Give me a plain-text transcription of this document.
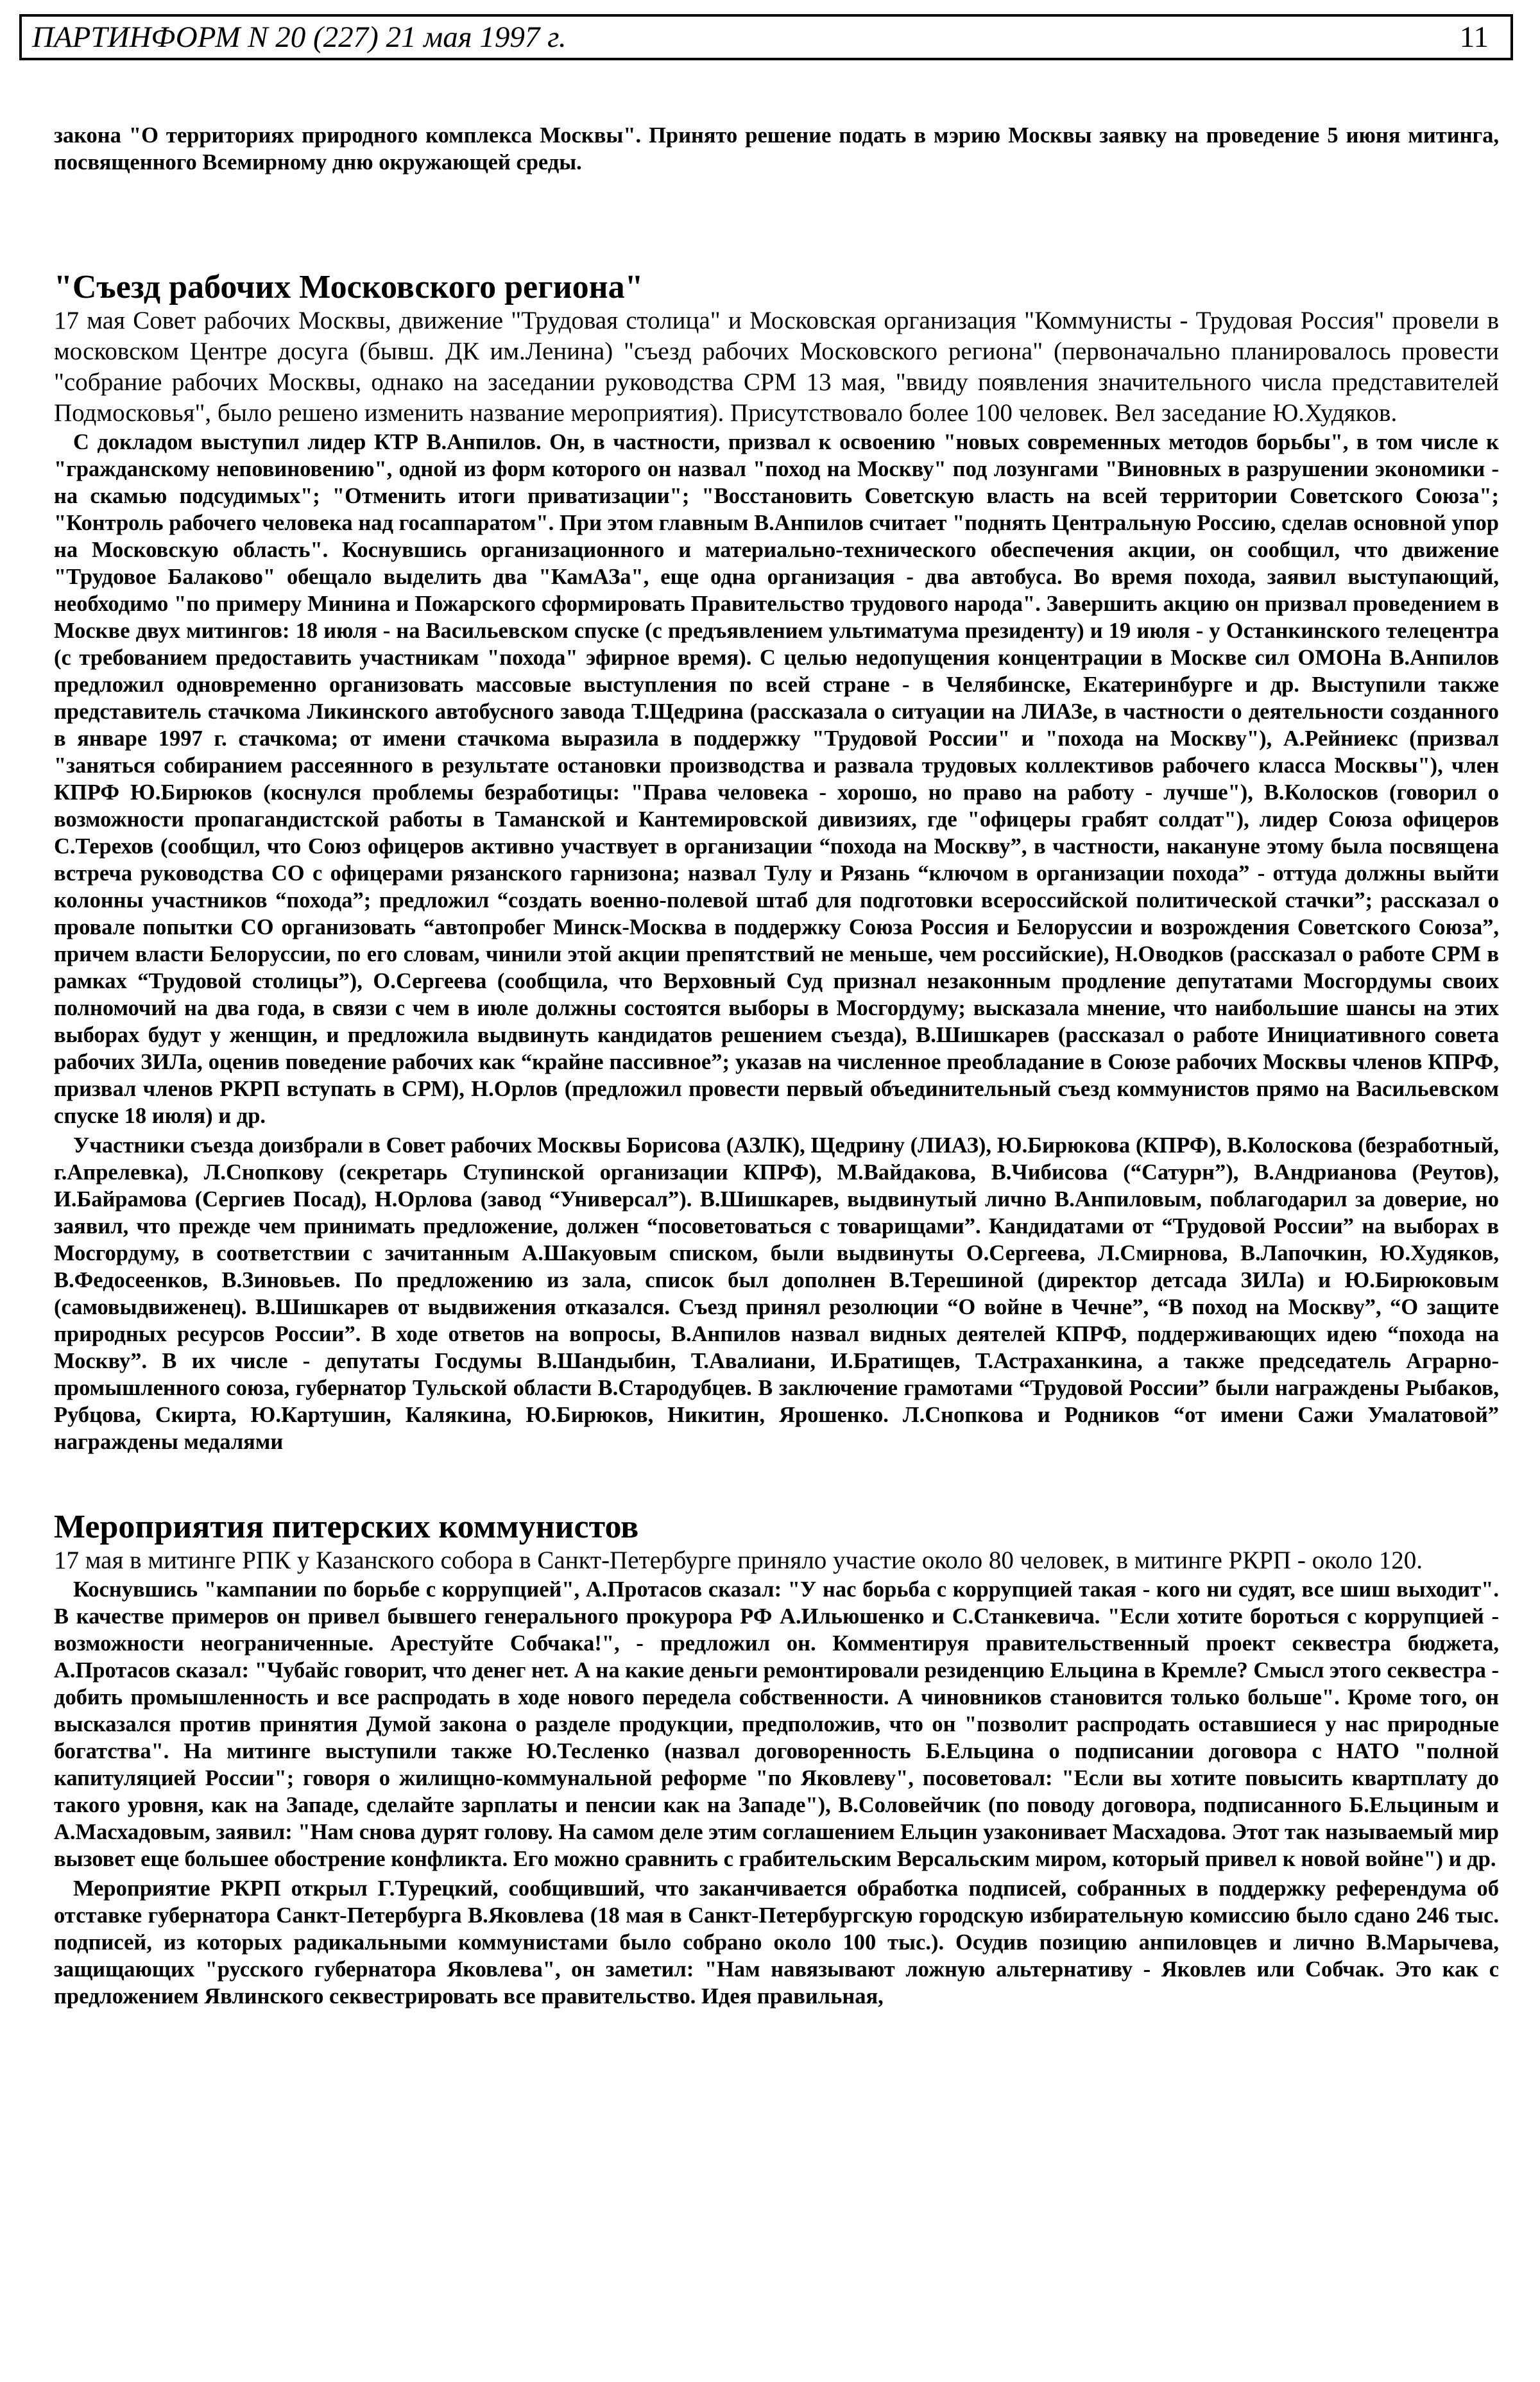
ПАРТИНФОРМ N 20 (227) 21 мая 1997 г.	11

закона "О территориях природного комплекса Москвы". Принято решение подать в мэрию Москвы заявку на проведение 5 июня митинга, посвященного Всемирному дню окружающей среды.

"Съезд рабочих Московского региона"

17 мая Совет рабочих Москвы, движение "Трудовая столица" и Московская организация "Коммунисты - Трудовая Россия" провели в московском Центре досуга (бывш. ДК им.Ленина) "съезд рабочих Московского региона" (первоначально планировалось провести "собрание рабочих Москвы, однако на заседании руководства СРМ 13 мая, "ввиду появления значительного числа представителей Подмосковья", было решено изменить название мероприятия). Присутствовало более 100 человек. Вел заседание Ю.Худяков.

С докладом выступил лидер КТР В.Анпилов. Он, в частности, призвал к освоению "новых современных методов борьбы", в том числе к "гражданскому неповиновению", одной из форм которого он назвал "поход на Москву" под лозунгами "Виновных в разрушении экономики - на скамью подсудимых"; "Отменить итоги приватизации"; "Восстановить Советскую власть на всей территории Советского Союза"; "Контроль рабочего человека над госаппаратом". При этом главным В.Анпилов считает "поднять Центральную Россию, сделав основной упор на Московскую область". Коснувшись организационного и материально-технического обеспечения акции, он сообщил, что движение "Трудовое Балаково" обещало выделить два "КамАЗа", еще одна организация - два автобуса. Во время похода, заявил выступающий, необходимо "по примеру Минина и Пожарского сформировать Правительство трудового народа". Завершить акцию он призвал проведением в Москве двух митингов: 18 июля - на Васильевском спуске (с предъявлением ультиматума президенту) и 19 июля - у Останкинского телецентра (с требованием предоставить участникам "похода" эфирное время). С целью недопущения концентрации в Москве сил ОМОНа В.Анпилов предложил одновременно организовать массовые выступления по всей стране - в Челябинске, Екатеринбурге и др. Выступили также представитель стачкома Ликинского автобусного завода Т.Щедрина (рассказала о ситуации на ЛИАЗе, в частности о деятельности созданного в январе 1997 г. стачкома; от имени стачкома выразила в поддержку "Трудовой России" и "похода на Москву"), А.Рейниекс (призвал "заняться собиранием рассеянного в результате остановки производства и развала трудовых коллективов рабочего класса Москвы"), член КПРФ Ю.Бирюков (коснулся проблемы безработицы: "Права человека - хорошо, но право на работу - лучше"), В.Колосков (говорил о возможности пропагандистской работы в Таманской и Кантемировской дивизиях, где "офицеры грабят солдат"), лидер Союза офицеров С.Терехов (сообщил, что Союз офицеров активно участвует в организации “похода на Москву”, в частности, накануне этому была посвящена встреча руководства СО с офицерами рязанского гарнизона; назвал Тулу и Рязань “ключом в организации похода” - оттуда должны выйти колонны участников “похода”; предложил “создать военно-полевой штаб для подготовки всероссийской политической стачки”; рассказал о провале попытки СО организовать “автопробег Минск-Москва в поддержку Союза Россия и Белоруссии и возрождения Советского Союза”, причем власти Белоруссии, по его словам, чинили этой акции препятствий не меньше, чем российские), Н.Оводков (рассказал о работе СРМ в рамках “Трудовой столицы”), О.Сергеева (сообщила, что Верховный Суд признал незаконным продление депутатами Мосгордумы своих полномочий на два года, в связи с чем в июле должны состоятся выборы в Мосгордуму; высказала мнение, что наибольшие шансы на этих выборах будут у женщин, и предложила выдвинуть кандидатов решением съезда), В.Шишкарев (рассказал о работе Инициативного совета рабочих ЗИЛа, оценив поведение рабочих как “крайне пассивное”; указав на численное преобладание в Союзе рабочих Москвы членов КПРФ, призвал членов РКРП вступать в СРМ), Н.Орлов (предложил провести первый объединительный съезд коммунистов прямо на Васильевском спуске 18 июля) и др.

Участники съезда доизбрали в Совет рабочих Москвы Борисова (АЗЛК), Щедрину (ЛИАЗ), Ю.Бирюкова (КПРФ), В.Колоскова (безработный, г.Апрелевка), Л.Снопкову (секретарь Ступинской организации КПРФ), М.Вайдакова, В.Чибисова (“Сатурн”), В.Андрианова (Реутов), И.Байрамова (Сергиев Посад), Н.Орлова (завод “Универсал”). В.Шишкарев, выдвинутый лично В.Анпиловым, поблагодарил за доверие, но заявил, что прежде чем принимать предложение, должен “посоветоваться с товарищами”. Кандидатами от “Трудовой России” на выборах в Мосгордуму, в соответствии с зачитанным А.Шакуовым списком, были выдвинуты О.Сергеева, Л.Смирнова, В.Лапочкин, Ю.Худяков, В.Федосеенков, В.Зиновьев. По предложению из зала, список был дополнен В.Терешиной (директор детсада ЗИЛа) и Ю.Бирюковым (самовыдвиженец). В.Шишкарев от выдвижения отказался. Съезд принял резолюции “О войне в Чечне”, “В поход на Москву”, “О защите природных ресурсов России”. В ходе ответов на вопросы, В.Анпилов назвал видных деятелей КПРФ, поддерживающих идею “похода на Москву”. В их числе - депутаты Госдумы В.Шандыбин, Т.Авалиани, И.Братищев, Т.Астраханкина, а также председатель Аграрно-промышленного союза, губернатор Тульской области В.Стародубцев. В заключение грамотами “Трудовой России” были награждены Рыбаков, Рубцова, Скирта, Ю.Картушин, Калякина, Ю.Бирюков, Никитин, Ярошенко. Л.Снопкова и Родников “от имени Сажи Умалатовой” награждены медалями

Мероприятия питерских коммунистов

17 мая в митинге РПК у Казанского собора в Санкт-Петербурге приняло участие около 80 человек, в митинге РКРП - около 120.

Коснувшись "кампании по борьбе с коррупцией", А.Протасов сказал: "У нас борьба с коррупцией такая - кого ни судят, все шиш выходит". В качестве примеров он привел бывшего генерального прокурора РФ А.Ильюшенко и С.Станкевича. "Если хотите бороться с коррупцией - возможности неограниченные. Арестуйте Собчака!", - предложил он. Комментируя правительственный проект секвестра бюджета, А.Протасов сказал: "Чубайс говорит, что денег нет. А на какие деньги ремонтировали резиденцию Ельцина в Кремле? Смысл этого секвестра - добить промышленность и все распродать в ходе нового передела собственности. А чиновников становится только больше". Кроме того, он высказался против принятия Думой закона о разделе продукции, предположив, что он "позволит распродать оставшиеся у нас природные богатства". На митинге выступили также Ю.Тесленко (назвал договоренность Б.Ельцина о подписании договора с НАТО "полной капитуляцией России"; говоря о жилищно-коммунальной реформе "по Яковлеву", посоветовал: "Если вы хотите повысить квартплату до такого уровня, как на Западе, сделайте зарплаты и пенсии как на Западе"), В.Соловейчик (по поводу договора, подписанного Б.Ельциным и А.Масхадовым, заявил: "Нам снова дурят голову. На самом деле этим соглашением Ельцин узаконивает Масхадова. Этот так называемый мир вызовет еще большее обострение конфликта. Его можно сравнить с грабительским Версальским миром, который привел к новой войне") и др.

Мероприятие РКРП открыл Г.Турецкий, сообщивший, что заканчивается обработка подписей, собранных в поддержку референдума об отставке губернатора Санкт-Петербурга В.Яковлева (18 мая в Санкт-Петербургскую городскую избирательную комиссию было сдано 246 тыс. подписей, из которых радикальными коммунистами было собрано около 100 тыс.). Осудив позицию анпиловцев и лично В.Марычева, защищающих "русского губернатора Яковлева", он заметил: "Нам навязывают ложную альтернативу - Яковлев или Собчак. Это как с предложением Явлинского секвестрировать все правительство. Идея правильная,
